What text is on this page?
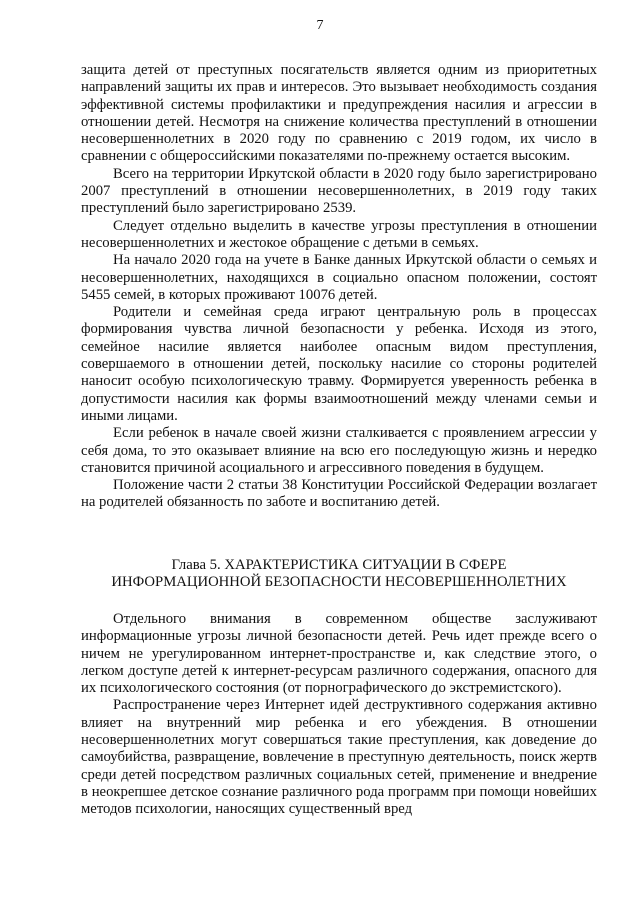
7

защита детей от преступных посягательств является одним из приоритетных направлений защиты их прав и интересов. Это вызывает необходимость создания эффективной системы профилактики и предупреждения насилия и агрессии в отношении детей. Несмотря на снижение количества преступлений в отношении несовершеннолетних в 2020 году по сравнению с 2019 годом, их число в сравнении с общероссийскими показателями по-прежнему остается высоким.

Всего на территории Иркутской области в 2020 году было зарегистрировано 2007 преступлений в отношении несовершеннолетних, в 2019 году таких преступлений было зарегистрировано 2539.

Следует отдельно выделить в качестве угрозы преступления в отношении несовершеннолетних и жестокое обращение с детьми в семьях.

На начало 2020 года на учете в Банке данных Иркутской области о семьях и несовершеннолетних, находящихся в социально опасном положении, состоят 5455 семей, в которых проживают 10076 детей.

Родители и семейная среда играют центральную роль в процессах формирования чувства личной безопасности у ребенка. Исходя из этого, семейное насилие является наиболее опасным видом преступления, совершаемого в отношении детей, поскольку насилие со стороны родителей наносит особую психологическую травму. Формируется уверенность ребенка в допустимости насилия как формы взаимоотношений между членами семьи и иными лицами.

Если ребенок в начале своей жизни сталкивается с проявлением агрессии у себя дома, то это оказывает влияние на всю его последующую жизнь и нередко становится причиной асоциального и агрессивного поведения в будущем.

Положение части 2 статьи 38 Конституции Российской Федерации возлагает на родителей обязанность по заботе и воспитанию детей.

Глава 5. ХАРАКТЕРИСТИКА СИТУАЦИИ В СФЕРЕ
ИНФОРМАЦИОННОЙ БЕЗОПАСНОСТИ НЕСОВЕРШЕННОЛЕТНИХ

Отдельного внимания в современном обществе заслуживают информационные угрозы личной безопасности детей. Речь идет прежде всего о ничем не урегулированном интернет-пространстве и, как следствие этого, о легком доступе детей к интернет-ресурсам различного содержания, опасного для их психологического состояния (от порнографического до экстремистского).

Распространение через Интернет идей деструктивного содержания активно влияет на внутренний мир ребенка и его убеждения. В отношении несовершеннолетних могут совершаться такие преступления, как доведение до самоубийства, развращение, вовлечение в преступную деятельность, поиск жертв среди детей посредством различных социальных сетей, применение и внедрение в неокрепшее детское сознание различного рода программ при помощи новейших методов психологии, наносящих существенный вред
